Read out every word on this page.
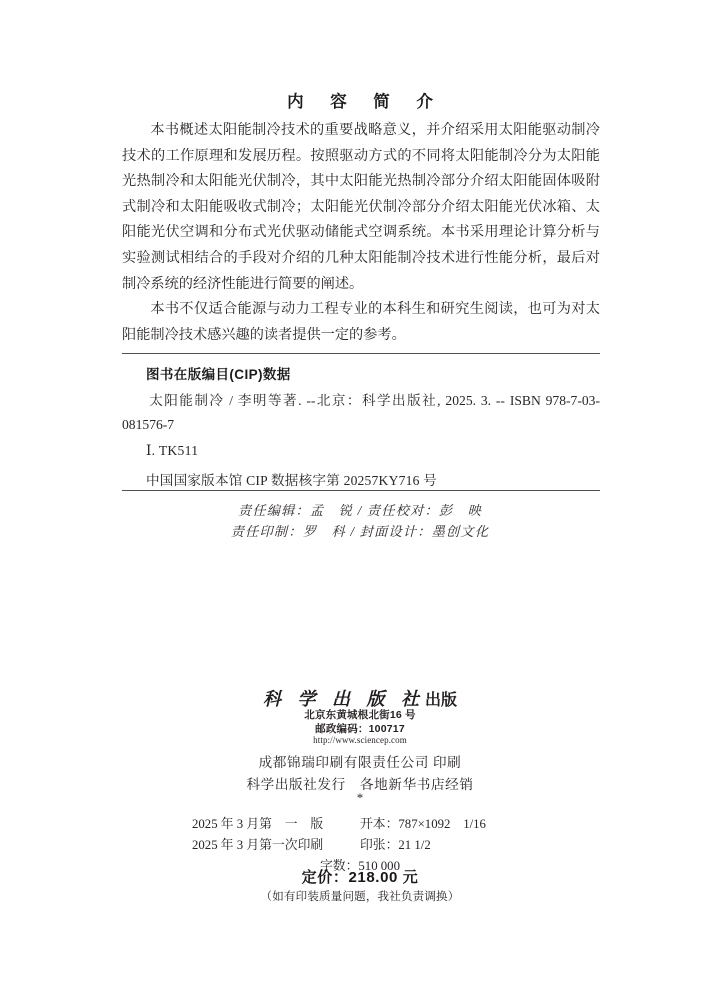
内 容 简 介

本书概述太阳能制冷技术的重要战略意义，并介绍采用太阳能驱动制冷技术的工作原理和发展历程。按照驱动方式的不同将太阳能制冷分为太阳能光热制冷和太阳能光伏制冷，其中太阳能光热制冷部分介绍太阳能固体吸附式制冷和太阳能吸收式制冷；太阳能光伏制冷部分介绍太阳能光伏冰箱、太阳能光伏空调和分布式光伏驱动储能式空调系统。本书采用理论计算分析与实验测试相结合的手段对介绍的几种太阳能制冷技术进行性能分析，最后对制冷系统的经济性能进行简要的阐述。

本书不仅适合能源与动力工程专业的本科生和研究生阅读，也可为对太阳能制冷技术感兴趣的读者提供一定的参考。

图书在版编目(CIP)数据

太阳能制冷 / 李明等著. --北京：科学出版社, 2025. 3. -- ISBN 978-7-03-081576-7

Ⅰ. TK511
中国国家版本馆 CIP 数据核字第 20257KY716 号
责任编辑：孟　锐 / 责任校对：彭　映
责任印制：罗　科 / 封面设计：墨创文化
科 学 出 版 社出版
北京东黄城根北街16 号
邮政编码：100717
http://www.sciencep.com
成都锦瑞印刷有限责任公司 印刷
科学出版社发行　各地新华书店经销
*
2025 年 3 月第　一　版	开本：787×1092　1/16
2025 年 3 月第一次印刷	印张：21 1/2
字数：510 000
定价：218.00 元
（如有印装质量问题，我社负责调换）
